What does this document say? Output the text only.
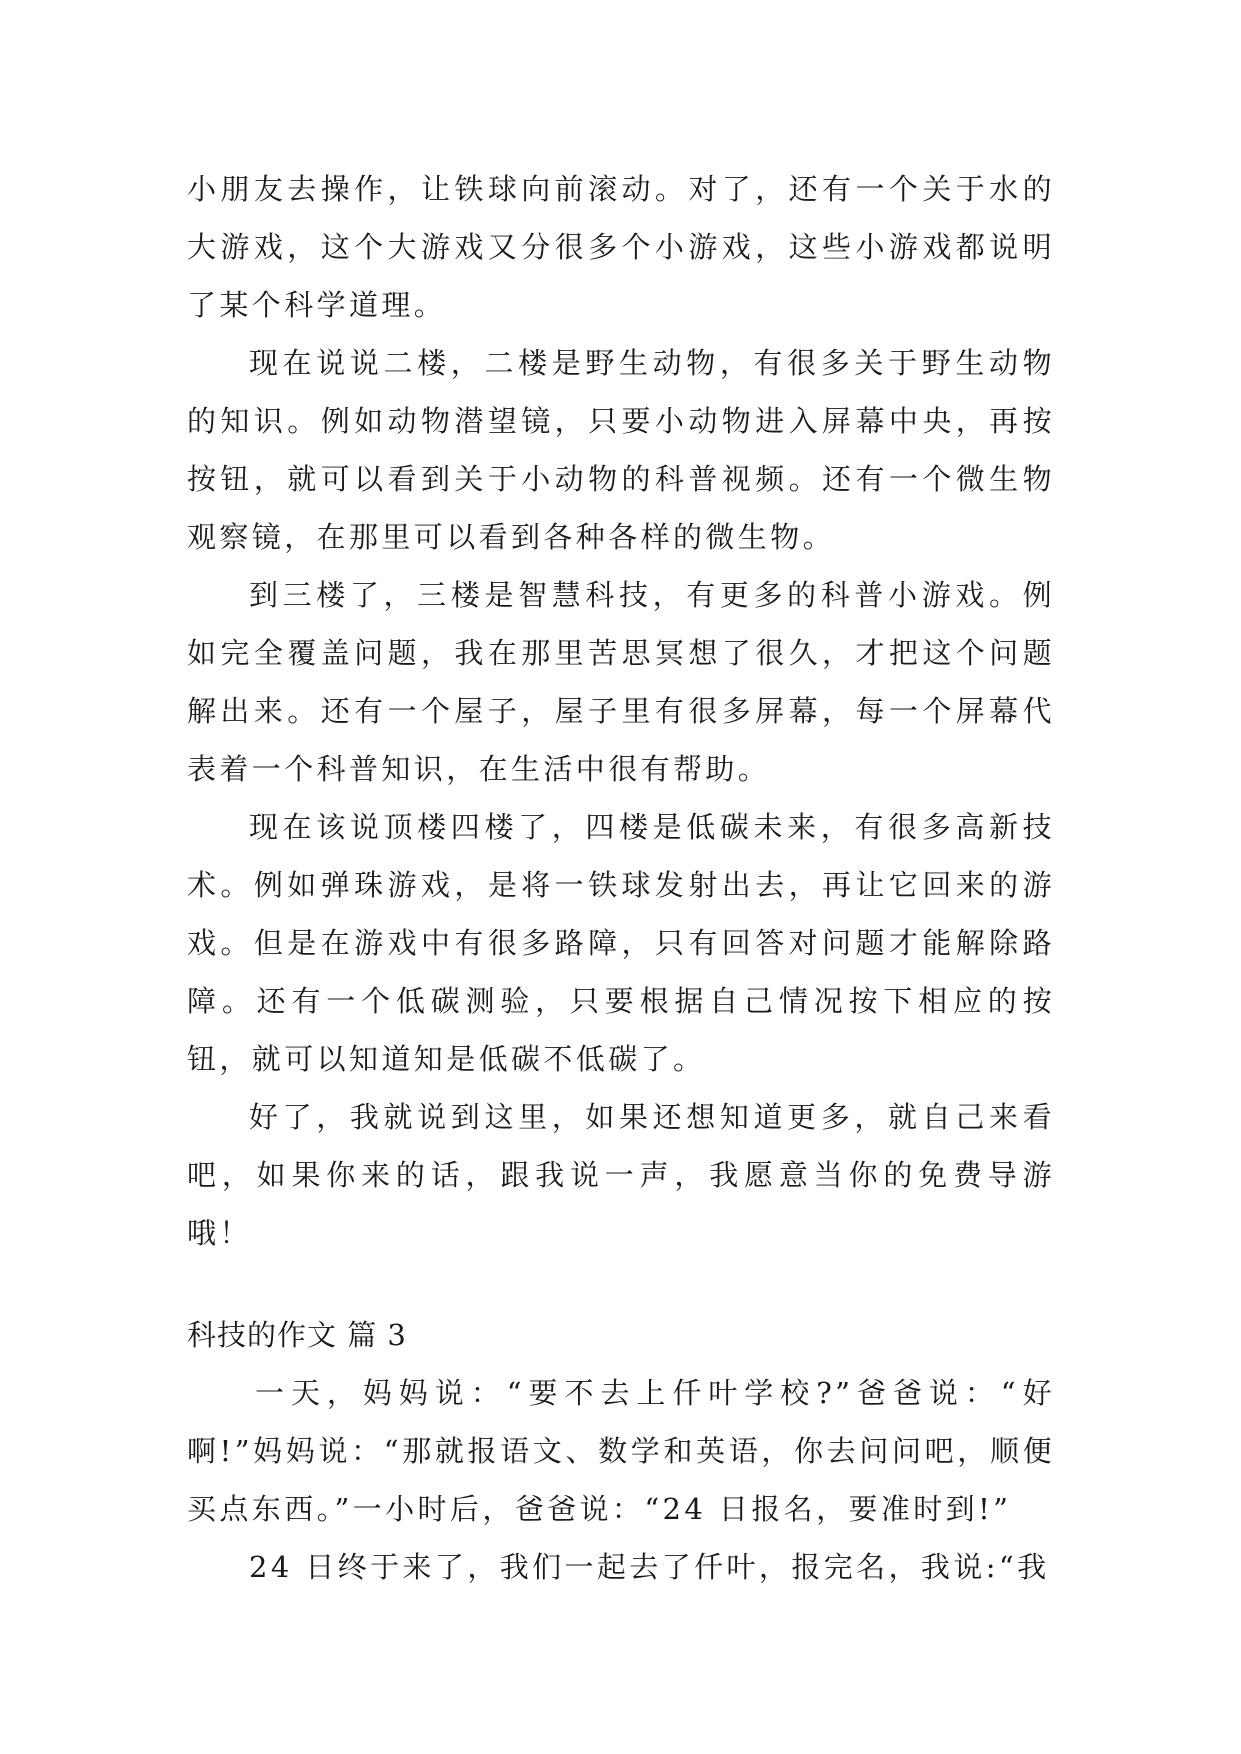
小朋友去操作，让铁球向前滚动。对了，还有一个关于水的大游戏，这个大游戏又分很多个小游戏，这些小游戏都说明了某个科学道理。

现在说说二楼，二楼是野生动物，有很多关于野生动物的知识。例如动物潜望镜，只要小动物进入屏幕中央，再按按钮，就可以看到关于小动物的科普视频。还有一个微生物观察镜，在那里可以看到各种各样的微生物。

到三楼了，三楼是智慧科技，有更多的科普小游戏。例如完全覆盖问题，我在那里苦思冥想了很久，才把这个问题解出来。还有一个屋子，屋子里有很多屏幕，每一个屏幕代表着一个科普知识，在生活中很有帮助。

现在该说顶楼四楼了，四楼是低碳未来，有很多高新技术。例如弹珠游戏，是将一铁球发射出去，再让它回来的游戏。但是在游戏中有很多路障，只有回答对问题才能解除路障。还有一个低碳测验，只要根据自己情况按下相应的按钮，就可以知道知是低碳不低碳了。

好了，我就说到这里，如果还想知道更多，就自己来看吧，如果你来的话，跟我说一声，我愿意当你的免费导游哦！

科技的作文 篇 3

一天，妈妈说：“要不去上仟叶学校?”爸爸说：“好啊!”妈妈说：“那就报语文、数学和英语，你去问问吧，顺便买点东西。”一小时后，爸爸说：“24 日报名，要准时到!”

24 日终于来了，我们一起去了仟叶，报完名，我说:“我
